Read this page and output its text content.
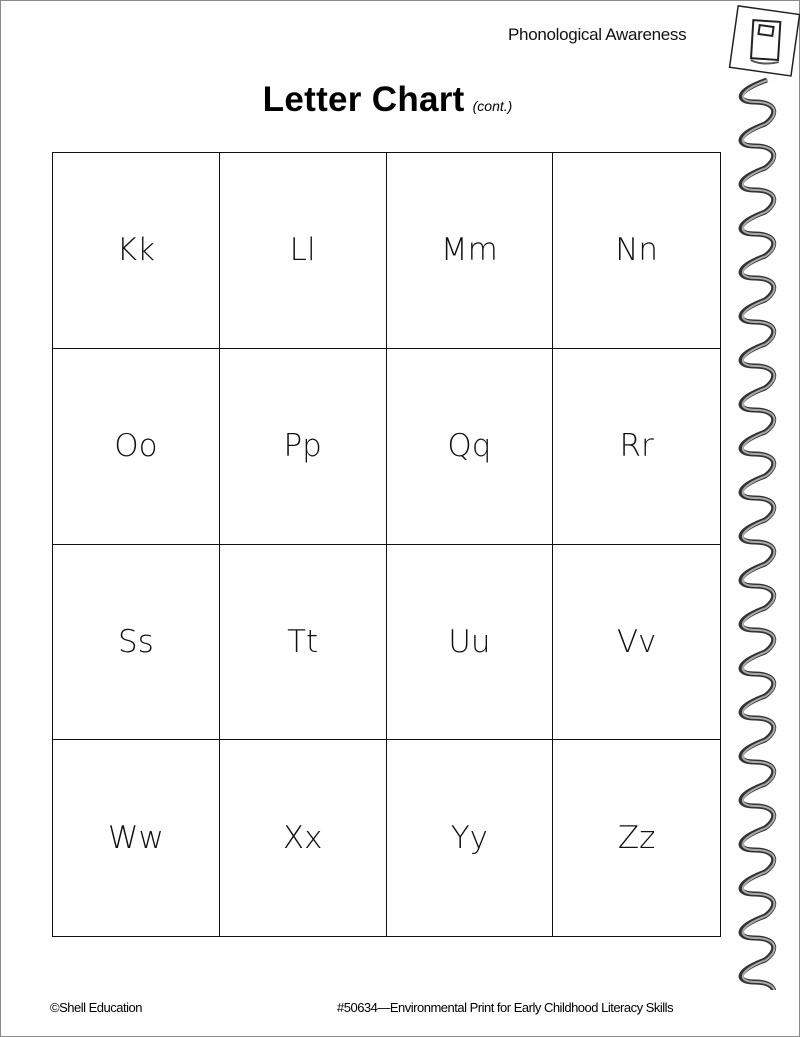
Phonological Awareness
Letter Chart (cont.)
Kk	Ll	Mm	Nn
Oo	Pp	Qq	Rr
Ss	Tt	Uu	Vv
Ww	Xx	Yy	Zz
©Shell Education	#50634—Environmental Print for Early Childhood Literacy Skills
